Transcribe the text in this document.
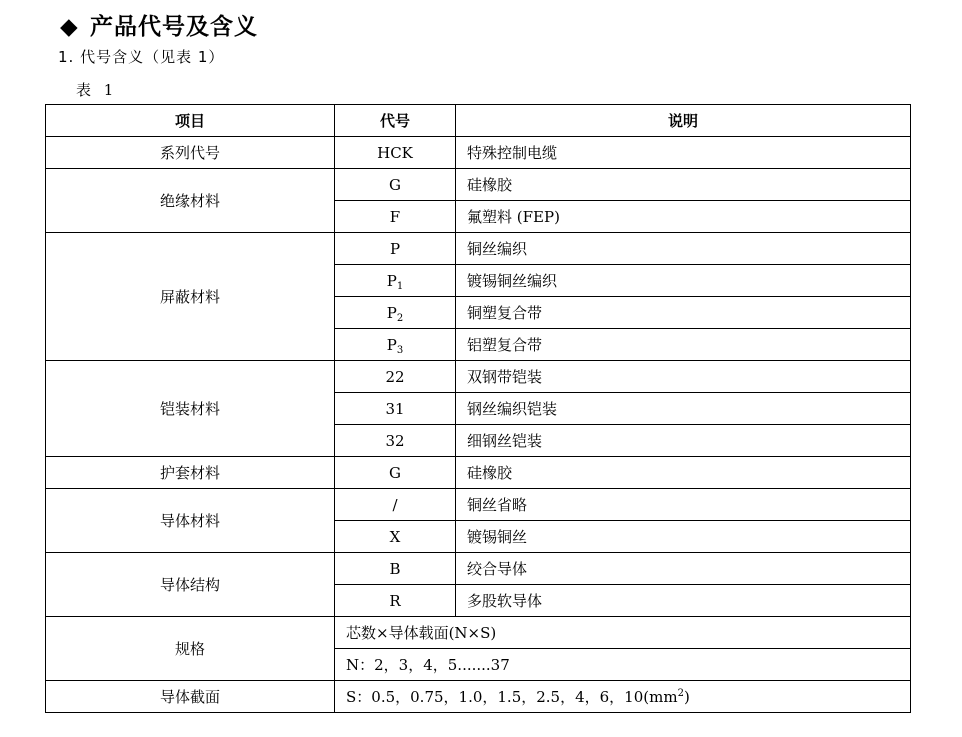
◆ 产品代号及含义
1. 代号含义（见表 1）
表 1
项目	代号	说明
系列代号	HCK	特殊控制电缆
绝缘材料	G	硅橡胶
	F	氟塑料 (FEP)
屏蔽材料	P	铜丝编织
	$P_1$	镀锡铜丝编织
	$P_2$	铜塑复合带
	$P_3$	铝塑复合带
铠装材料	22	双钢带铠装
	31	钢丝编织铠装
	32	细钢丝铠装
护套材料	G	硅橡胶
导体材料	/	铜丝省略
	X	镀锡铜丝
导体结构	B	绞合导体
	R	多股软导体
规格	芯数×导体载面(N×S)	
	N：2，3，4，5.......37	
导体截面	S：0.5，0.75，1.0，1.5，2.5，4，6，$10(mm^2)$	
